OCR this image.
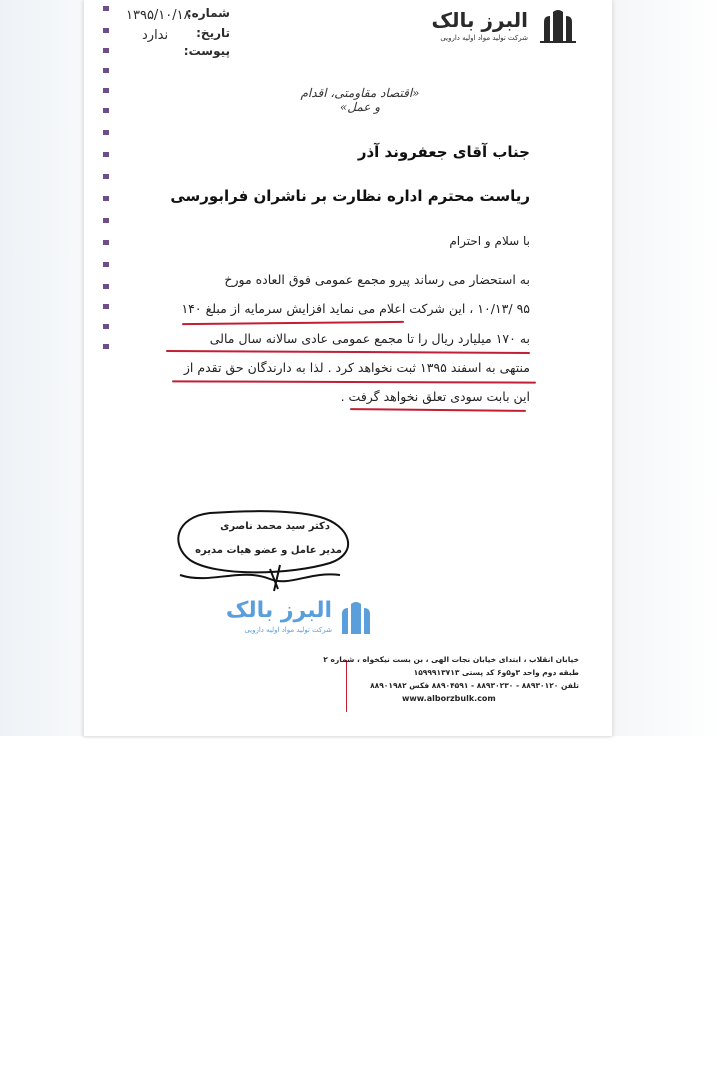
شماره:
تاریخ:
پیوست:
۱۳۹۵/۱۰/۱۸
ندارد
البرز بالک
شرکت تولید مواد اولیه دارویی
«اقتصاد مقاومتی، اقدام و عمل»
جناب آقای جعفروند آذر
ریاست محترم اداره نظارت بر ناشران فرابورسی
با سلام و احترام
به استحضار می رساند پیرو مجمع عمومی فوق العاده مورخ
۹۵ /۱۰/۱۳ ، این شرکت اعلام می نماید افزایش سرمایه از مبلغ ۱۴۰
به ۱۷۰ میلیارد ریال را تا مجمع عمومی عادی سالانه سال مالی
منتهی به اسفند ۱۳۹۵ ثبت نخواهد کرد . لذا به دارندگان حق تقدم از
این بابت سودی تعلق نخواهد گرفت .
دکتر سید محمد ناصری
مدیر عامل و عضو هیات مدیره
البرز بالک
شرکت تولید مواد اولیه دارویی
خیابان انقلاب ، ابتدای خیابان نجات الهی ، بن بست نیکخواه ، شماره ۲
طبقه دوم واحد ۳و۵و۶ کد پستی ۱۵۹۹۹۱۳۷۱۳
تلفن ۸۸۹۳۰۱۲۰ - ۸۸۹۳۰۲۳۰ - ۸۸۹۰۴۵۹۱ فکس ۸۸۹۰۱۹۸۲
www.alborzbulk.com
